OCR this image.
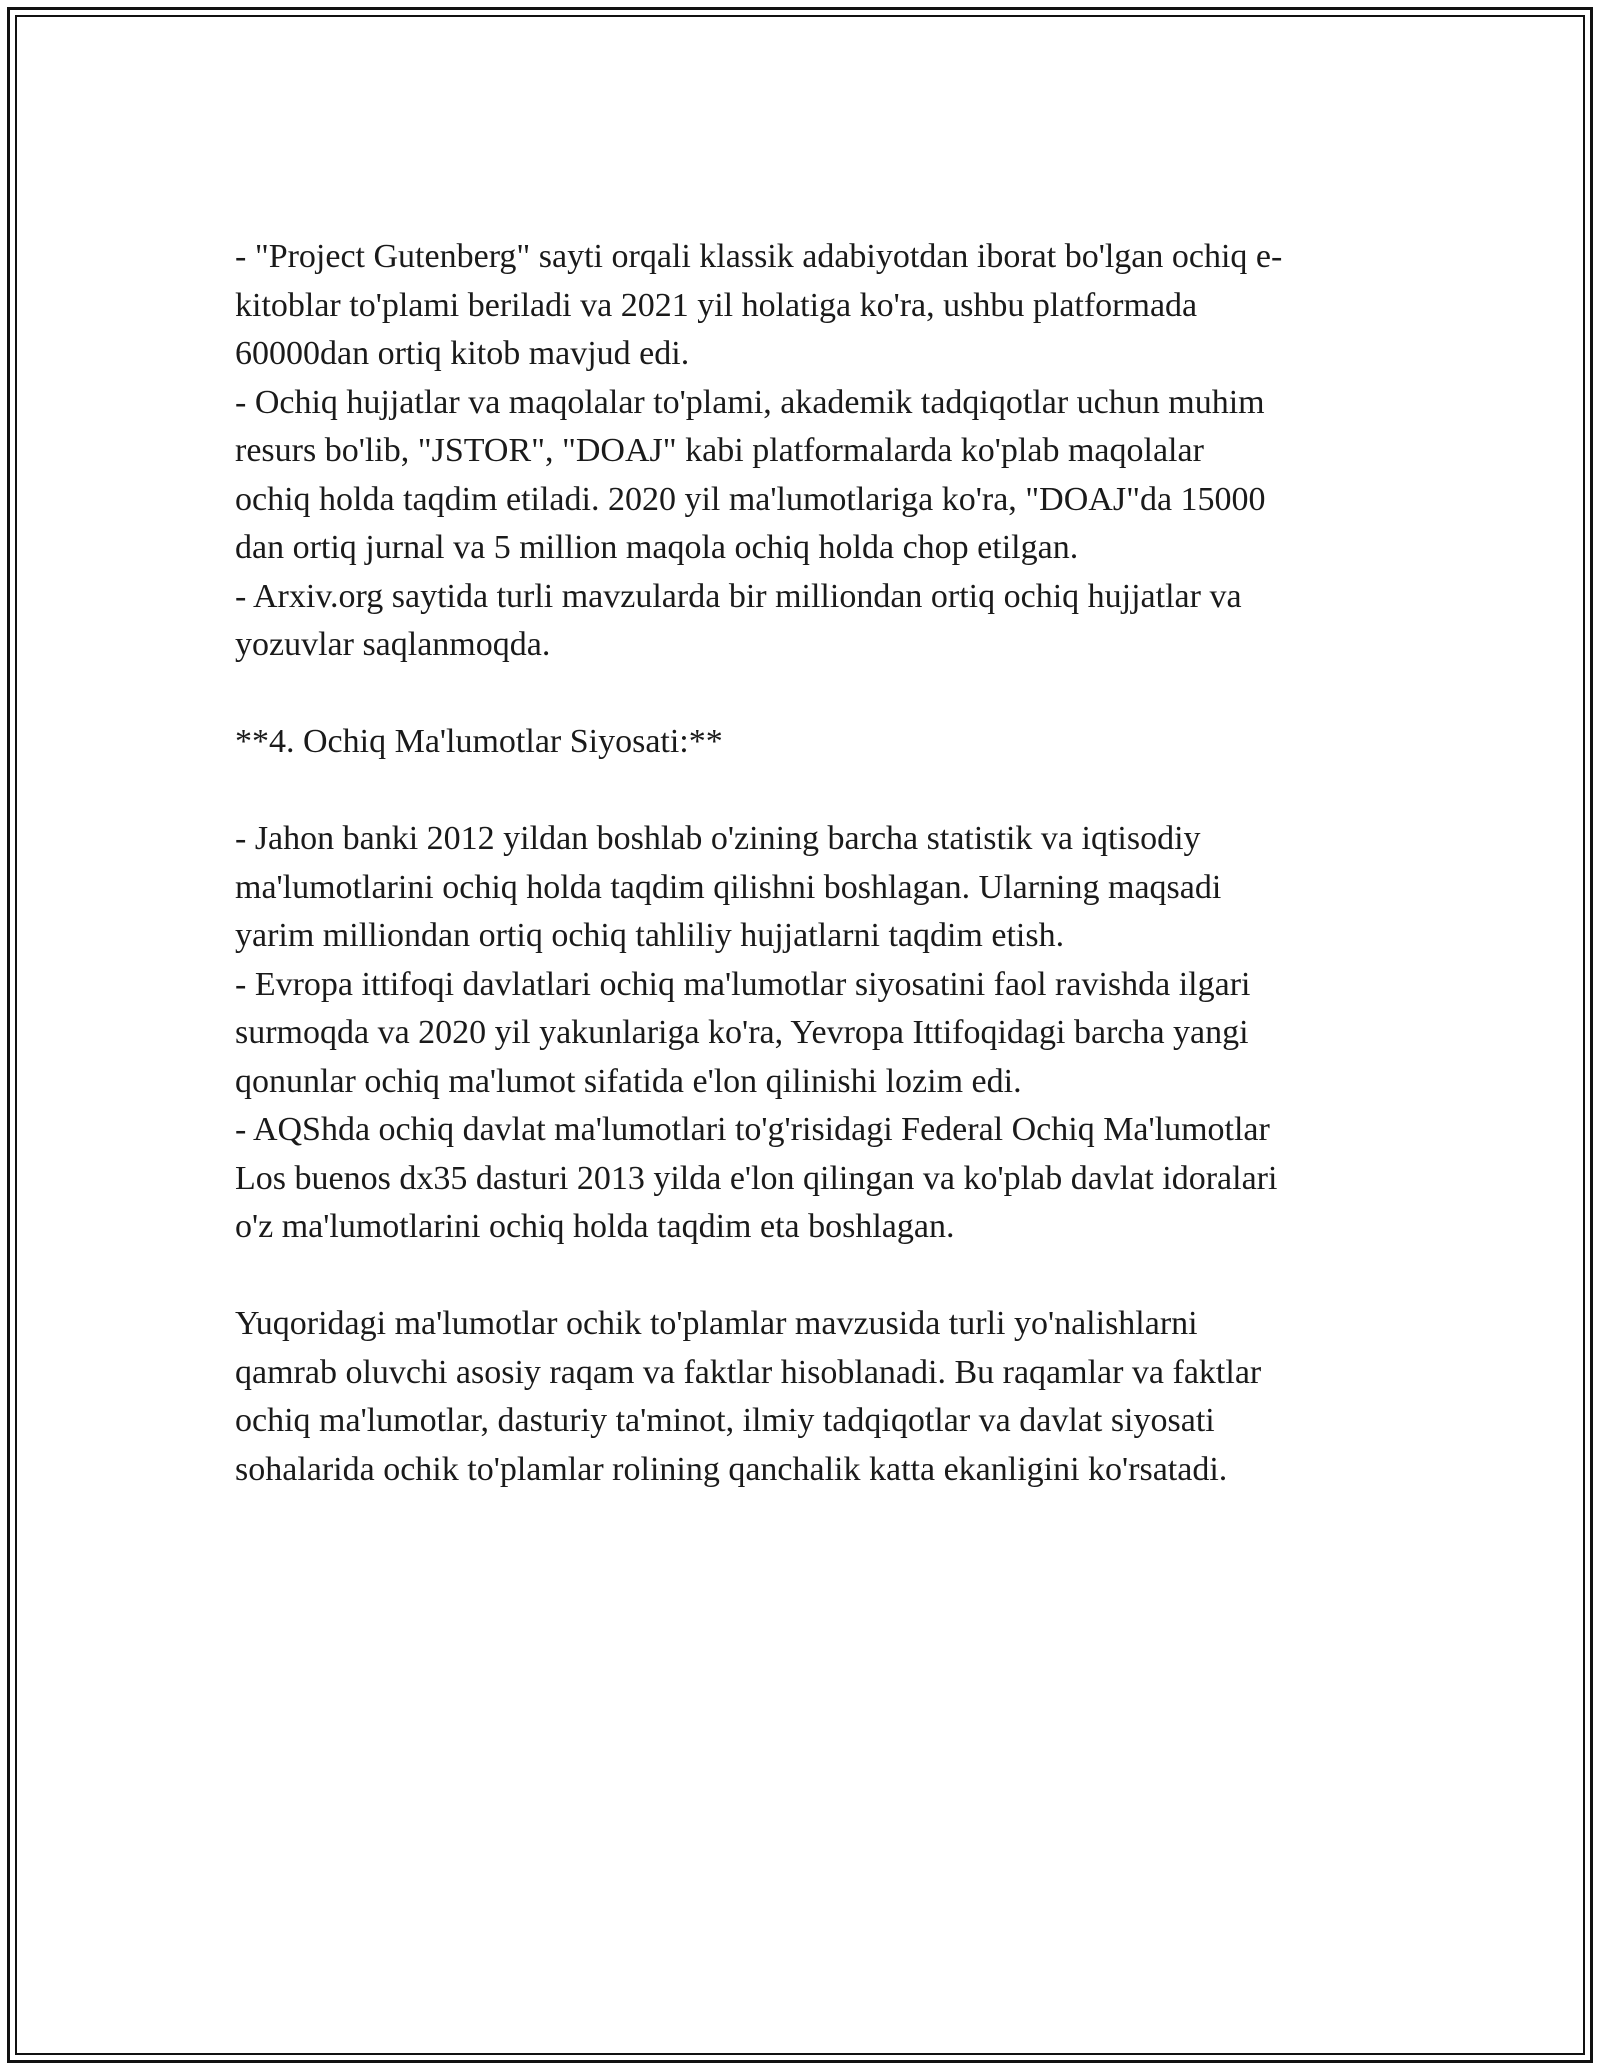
- "Project Gutenberg" sayti orqali klassik adabiyotdan iborat bo'lgan ochiq e-
kitoblar to'plami beriladi va 2021 yil holatiga ko'ra, ushbu platformada
60000dan ortiq kitob mavjud edi.
- Ochiq hujjatlar va maqolalar to'plami, akademik tadqiqotlar uchun muhim
resurs bo'lib, "JSTOR", "DOAJ" kabi platformalarda ko'plab maqolalar
ochiq holda taqdim etiladi. 2020 yil ma'lumotlariga ko'ra, "DOAJ"da 15000
dan ortiq jurnal va 5 million maqola ochiq holda chop etilgan.
- Arxiv.org saytida turli mavzularda bir milliondan ortiq ochiq hujjatlar va
yozuvlar saqlanmoqda.
**4. Ochiq Ma'lumotlar Siyosati:**
- Jahon banki 2012 yildan boshlab o'zining barcha statistik va iqtisodiy
ma'lumotlarini ochiq holda taqdim qilishni boshlagan. Ularning maqsadi
yarim milliondan ortiq ochiq tahliliy hujjatlarni taqdim etish.
- Evropa ittifoqi davlatlari ochiq ma'lumotlar siyosatini faol ravishda ilgari
surmoqda va 2020 yil yakunlariga ko'ra, Yevropa Ittifoqidagi barcha yangi
qonunlar ochiq ma'lumot sifatida e'lon qilinishi lozim edi.
- AQShda ochiq davlat ma'lumotlari to'g'risidagi Federal Ochiq Ma'lumotlar
Los buenos dx35 dasturi 2013 yilda e'lon qilingan va ko'plab davlat idoralari
o'z ma'lumotlarini ochiq holda taqdim eta boshlagan.
Yuqoridagi ma'lumotlar ochik to'plamlar mavzusida turli yo'nalishlarni
qamrab oluvchi asosiy raqam va faktlar hisoblanadi. Bu raqamlar va faktlar
ochiq ma'lumotlar, dasturiy ta'minot, ilmiy tadqiqotlar va davlat siyosati
sohalarida ochik to'plamlar rolining qanchalik katta ekanligini ko'rsatadi.
